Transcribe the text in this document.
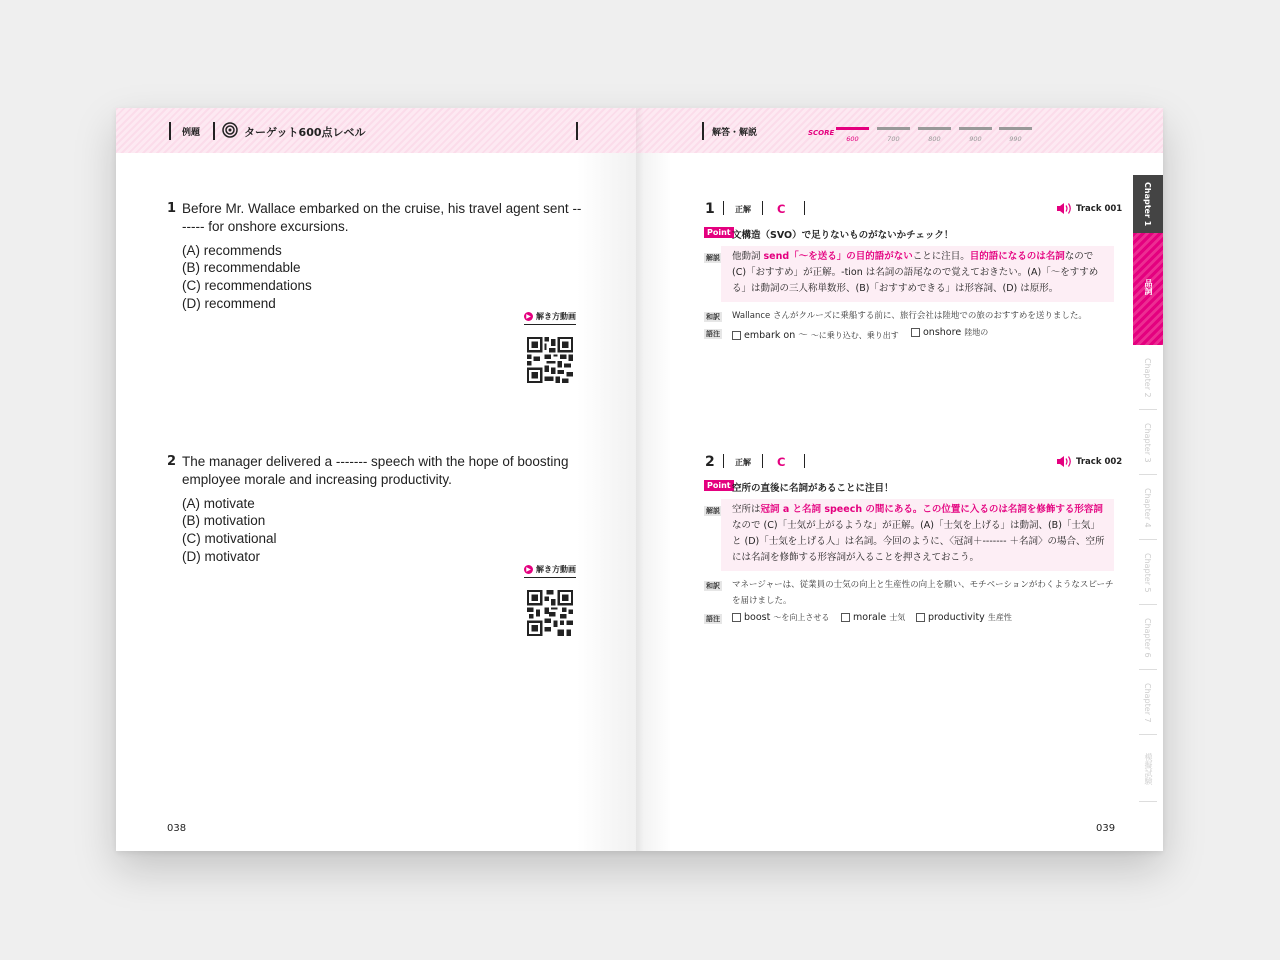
例題	ターゲット600点レベル
1 Before Mr. Wallace embarked on the cruise, his travel agent sent ------- for onshore excursions.
(A) recommends
(B) recommendable
(C) recommendations
(D) recommend
▶ 解き方動画
2 The manager delivered a ------- speech with the hope of boosting employee morale and increasing productivity.
(A) motivate
(B) motivation
(C) motivational
(D) motivator
▶ 解き方動画
038
解答・解説	SCORE
600	700	800	900	990
1	正解 C	Track 001
Point 文構造（SVO）で足りないものがないかチェック！
解説 他動詞 send「～を送る」の目的語がないことに注目。目的語になるのは名詞なので (C)「おすすめ」が正解。-tion は名詞の語尾なので覚えておきたい。(A)「～をすすめる」は動詞の三人称単数形、(B)「おすすめできる」は形容詞、(D) は原形。
和訳 Wallance さんがクルーズに乗船する前に、旅行会社は陸地での旅のおすすめを送りました。
語注	embark on ～ ～に乗り込む、乗り出す	onshore 陸地の
2	正解 C	Track 002
Point 空所の直後に名詞があることに注目！
解説 空所は冠詞 a と名詞 speech の間にある。この位置に入るのは名詞を修飾する形容詞なので (C)「士気が上がるような」が正解。(A)「士気を上げる」は動詞、(B)「士気」と (D)「士気を上げる人」は名詞。今回のように、〈冠詞＋------- ＋名詞〉の場合、空所には名詞を修飾する形容詞が入ることを押さえておこう。
和訳 マネージャーは、従業員の士気の向上と生産性の向上を願い、モチベーションがわくようなスピーチを届けました。
語注	boost ～を向上させる	morale 士気	productivity 生産性
039
Chapter 1
品詞
Chapter 2
Chapter 3
Chapter 4
Chapter 5
Chapter 6
Chapter 7
模擬試験
